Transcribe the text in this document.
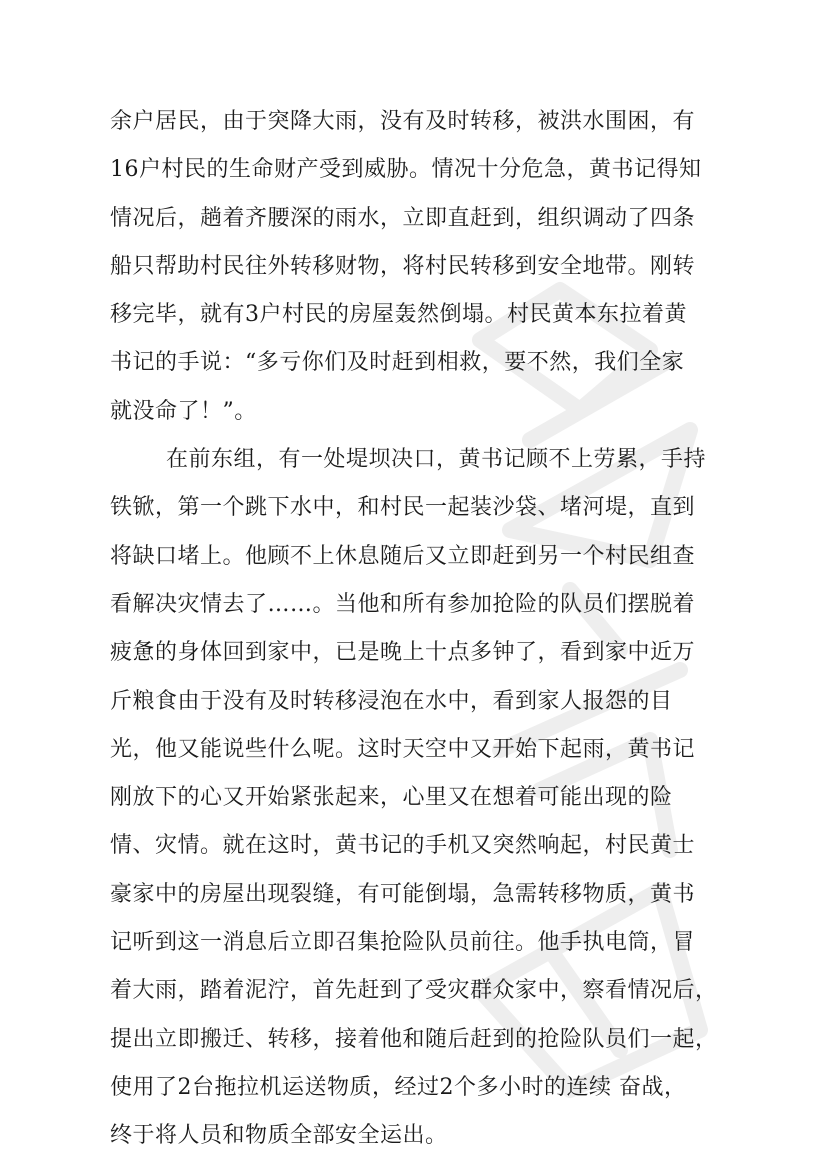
余户居民，由于突降大雨，没有及时转移，被洪水围困，有
16户村民的生命财产受到威胁。情况十分危急，黄书记得知
情况后，趟着齐腰深的雨水，立即直赶到，组织调动了四条
船只帮助村民往外转移财物，将村民转移到安全地带。刚转
移完毕，就有3户村民的房屋轰然倒塌。村民黄本东拉着黄
书记的手说：“多亏你们及时赶到相救，要不然，我们全家
就没命了！”。
在前东组，有一处堤坝决口，黄书记顾不上劳累，手持
铁锨，第一个跳下水中，和村民一起装沙袋、堵河堤，直到
将缺口堵上。他顾不上休息随后又立即赶到另一个村民组查
看解决灾情去了……。当他和所有参加抢险的队员们摆脱着
疲惫的身体回到家中，已是晚上十点多钟了，看到家中近万
斤粮食由于没有及时转移浸泡在水中，看到家人报怨的目
光，他又能说些什么呢。这时天空中又开始下起雨，黄书记
刚放下的心又开始紧张起来，心里又在想着可能出现的险
情、灾情。就在这时，黄书记的手机又突然响起，村民黄士
豪家中的房屋出现裂缝，有可能倒塌，急需转移物质，黄书
记听到这一消息后立即召集抢险队员前往。他手执电筒，冒
着大雨，踏着泥泞，首先赶到了受灾群众家中，察看情况后，
提出立即搬迁、转移，接着他和随后赶到的抢险队员们一起，
使用了2台拖拉机运送物质，经过2个多小时的连续 奋战，
终于将人员和物质全部安全运出。
